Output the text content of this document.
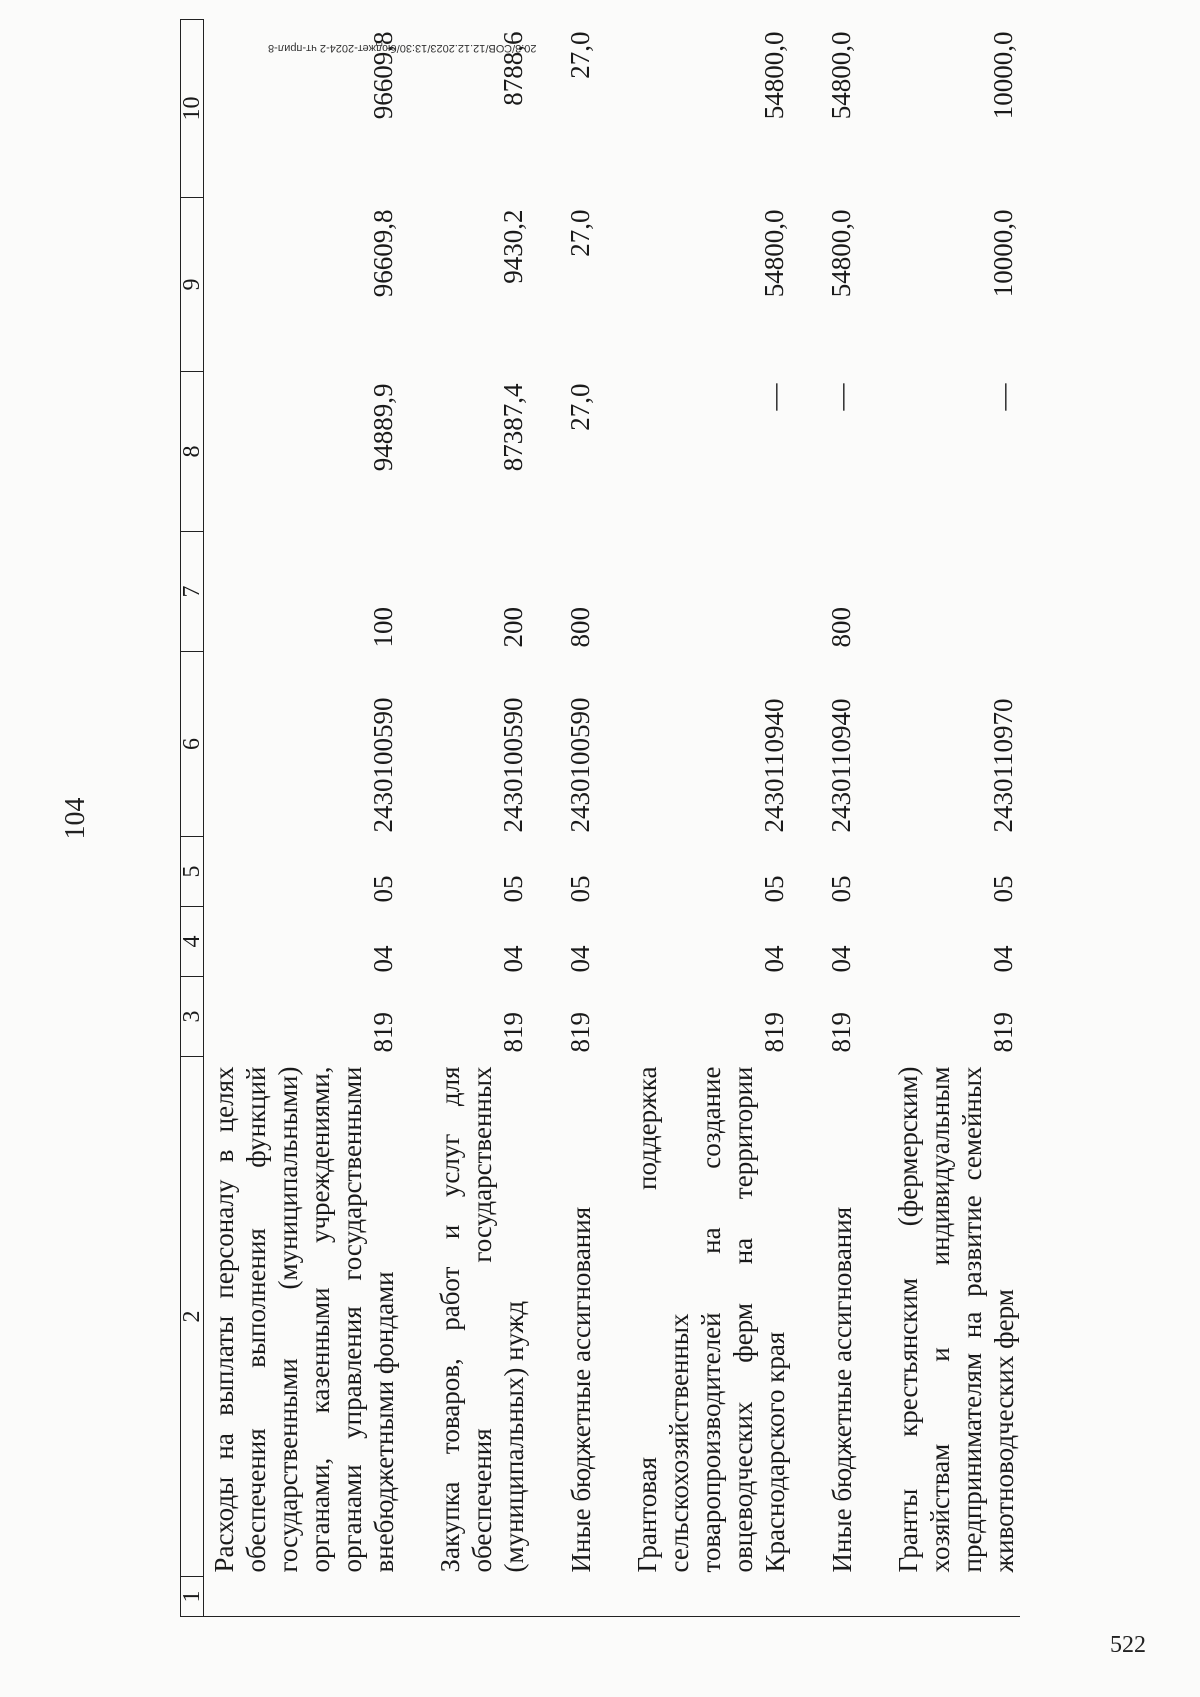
104
1	2	3	4	5	6	7	8	9	10
	Расходы на выплаты персоналу в целях обеспечения выполнения функций государственными (муниципальными) органами, казенными учреждениями, органами управления государственными внебюджетными фондами	819	04	05	2430100590	100	94889,9	96609,8	96609,8

	Закупка товаров, работ и услуг для обеспечения государственных (муниципальных) нужд	819	04	05	2430100590	200	87387,4	9430,2	8788,6

	Иные бюджетные ассигнования	819	04	05	2430100590	800	27,0	27,0	27,0

	Грантовая поддержка сельскохозяйственных товаропроизводителей на создание овцеводческих ферм на территории Краснодарского края	819	04	05	2430110940		—	54800,0	54800,0

	Иные бюджетные ассигнования	819	04	05	2430110940	800	—	54800,0	54800,0

	Гранты крестьянским (фермерским) хозяйствам и индивидуальным предпринимателям на развитие семейных животноводческих ферм	819	04	05	2430110970		—	10000,0	10000,0
20.3/СОВ/12.12.2023/13:30/бюджет-2024-2 чт-прил-8
522
